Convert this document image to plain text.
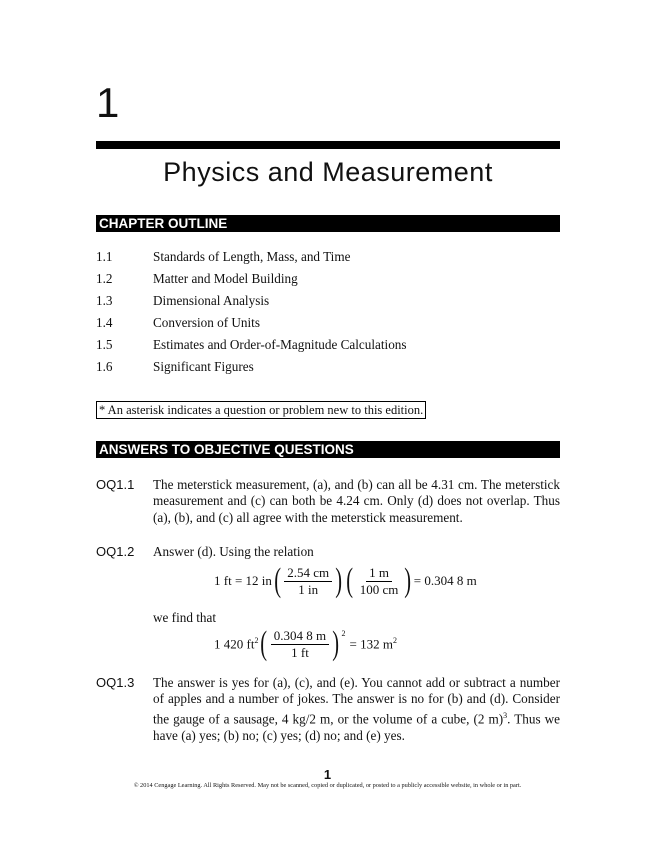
1
Physics and Measurement
CHAPTER OUTLINE
1.1	Standards of Length, Mass, and Time
1.2	Matter and Model Building
1.3	Dimensional Analysis
1.4	Conversion of Units
1.5	Estimates and Order-of-Magnitude Calculations
1.6	Significant Figures
* An asterisk indicates a question or problem new to this edition.
ANSWERS TO OBJECTIVE QUESTIONS
OQ1.1 The meterstick measurement, (a), and (b) can all be 4.31 cm. The meterstick measurement and (c) can both be 4.24 cm. Only (d) does not overlap. Thus (a), (b), and (c) all agree with the meterstick measurement.
OQ1.2 Answer (d). Using the relation
1 ft = 12 in ( $\frac{2.54 cm}{1 in}$ ) ( $\frac{1 m}{100 cm}$ ) = 0.304 8 m
we find that
1 420 $ft^2$ ( $\frac{0.304 8 m}{1 ft}$ ) $^2$
= 132 $m^2$
OQ1.3 The answer is yes for (a), (c), and (e). You cannot add or subtract a number of apples and a number of jokes. The answer is no for (b) and (d). Consider the gauge of a sausage, 4 kg/2 m, or the volume of a cube, (2 m)$^3$. Thus we have (a) yes; (b) no; (c) yes; (d) no; and (e) yes.
1
© 2014 Cengage Learning. All Rights Reserved. May not be scanned, copied or duplicated, or posted to a publicly accessible website, in whole or in part.
